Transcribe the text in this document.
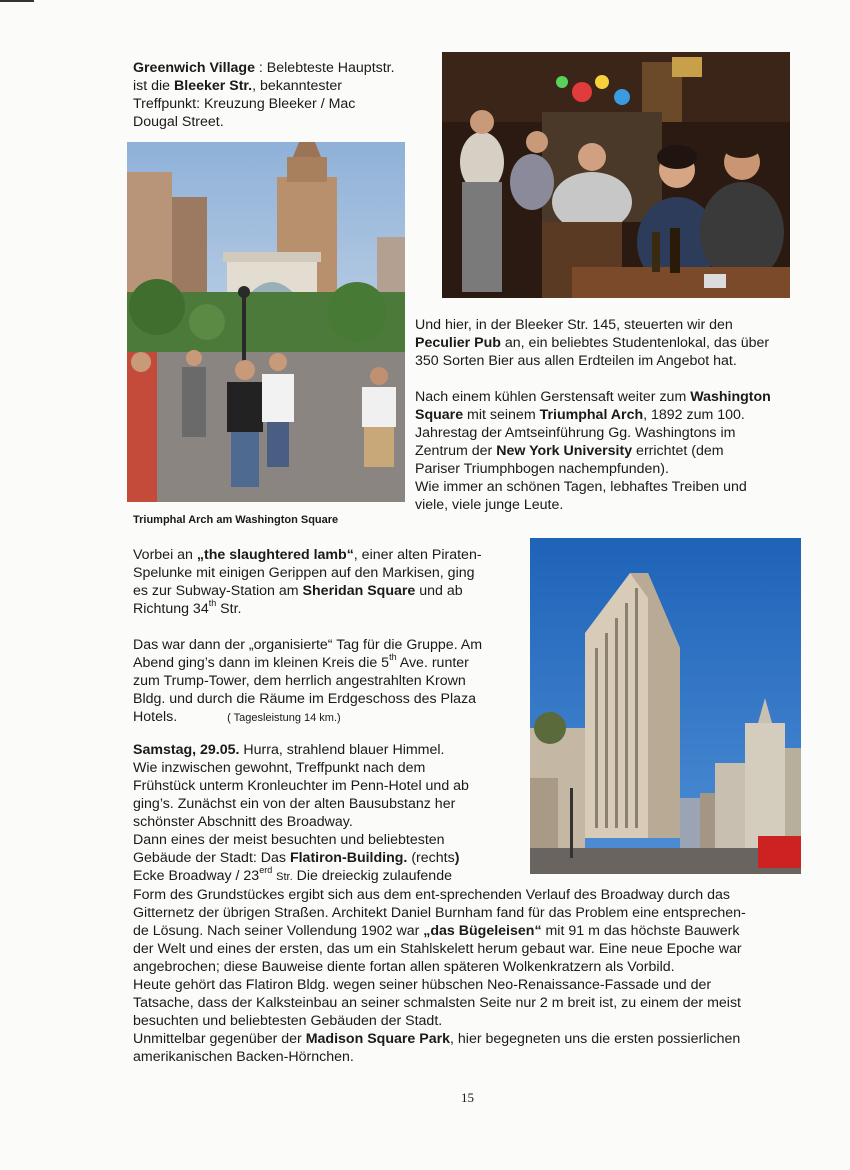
Greenwich Village : Belebteste Hauptstr.
ist die Bleeker Str., bekanntester
Treffpunkt: Kreuzung Bleeker / Mac
Dougal Street.
Triumphal Arch am Washington Square
Und hier, in der Bleeker Str. 145, steuerten wir den
Peculier Pub an, ein beliebtes Studentenlokal, das über
350 Sorten Bier aus allen Erdteilen im Angebot hat.
Nach einem kühlen Gerstensaft weiter zum Washington
Square mit seinem Triumphal Arch, 1892 zum 100.
Jahrestag der Amtseinführung Gg. Washingtons im
Zentrum der New York University errichtet (dem
Pariser Triumphbogen nachempfunden).
Wie immer an schönen Tagen, lebhaftes Treiben und
viele, viele junge Leute.
Vorbei an „the slaughtered lamb“, einer alten Piraten-
Spelunke mit einigen Gerippen auf den Markisen, ging
es zur Subway-Station am Sheridan Square und ab
Richtung 34th Str.
Das war dann der „organisierte“ Tag für die Gruppe. Am
Abend ging’s dann im kleinen Kreis die 5th Ave. runter
zum Trump-Tower, dem herrlich angestrahlten Krown
Bldg. und durch die Räume im Erdgeschoss des Plaza
Hotels.	( Tagesleistung 14 km.)
Samstag, 29.05. Hurra, strahlend blauer Himmel.
Wie inzwischen gewohnt, Treffpunkt nach dem
Frühstück unterm Kronleuchter im Penn-Hotel und ab
ging’s. Zunächst ein von der alten Bausubstanz her
schönster Abschnitt des Broadway.
Dann eines der meist besuchten und beliebtesten
Gebäude der Stadt: Das Flatiron-Building. (rechts)
Ecke Broadway / $23^{erd}$ Str. Die dreieckig zulaufende
Form des Grundstückes ergibt sich aus dem ent-sprechenden Verlauf des Broadway durch das
Gitternetz der übrigen Straßen. Architekt Daniel Burnham fand für das Problem eine entsprechen-
de Lösung. Nach seiner Vollendung 1902 war „das Bügeleisen“ mit 91 m das höchste Bauwerk
der Welt und eines der ersten, das um ein Stahlskelett herum gebaut war. Eine neue Epoche war
angebrochen; diese Bauweise diente fortan allen späteren Wolkenkratzern als Vorbild.
Heute gehört das Flatiron Bldg. wegen seiner hübschen Neo-Renaissance-Fassade und der
Tatsache, dass der Kalksteinbau an seiner schmalsten Seite nur 2 m breit ist, zu einem der meist
besuchten und beliebtesten Gebäuden der Stadt.
Unmittelbar gegenüber der Madison Square Park, hier begegneten uns die ersten possierlichen
amerikanischen Backen-Hörnchen.
15
